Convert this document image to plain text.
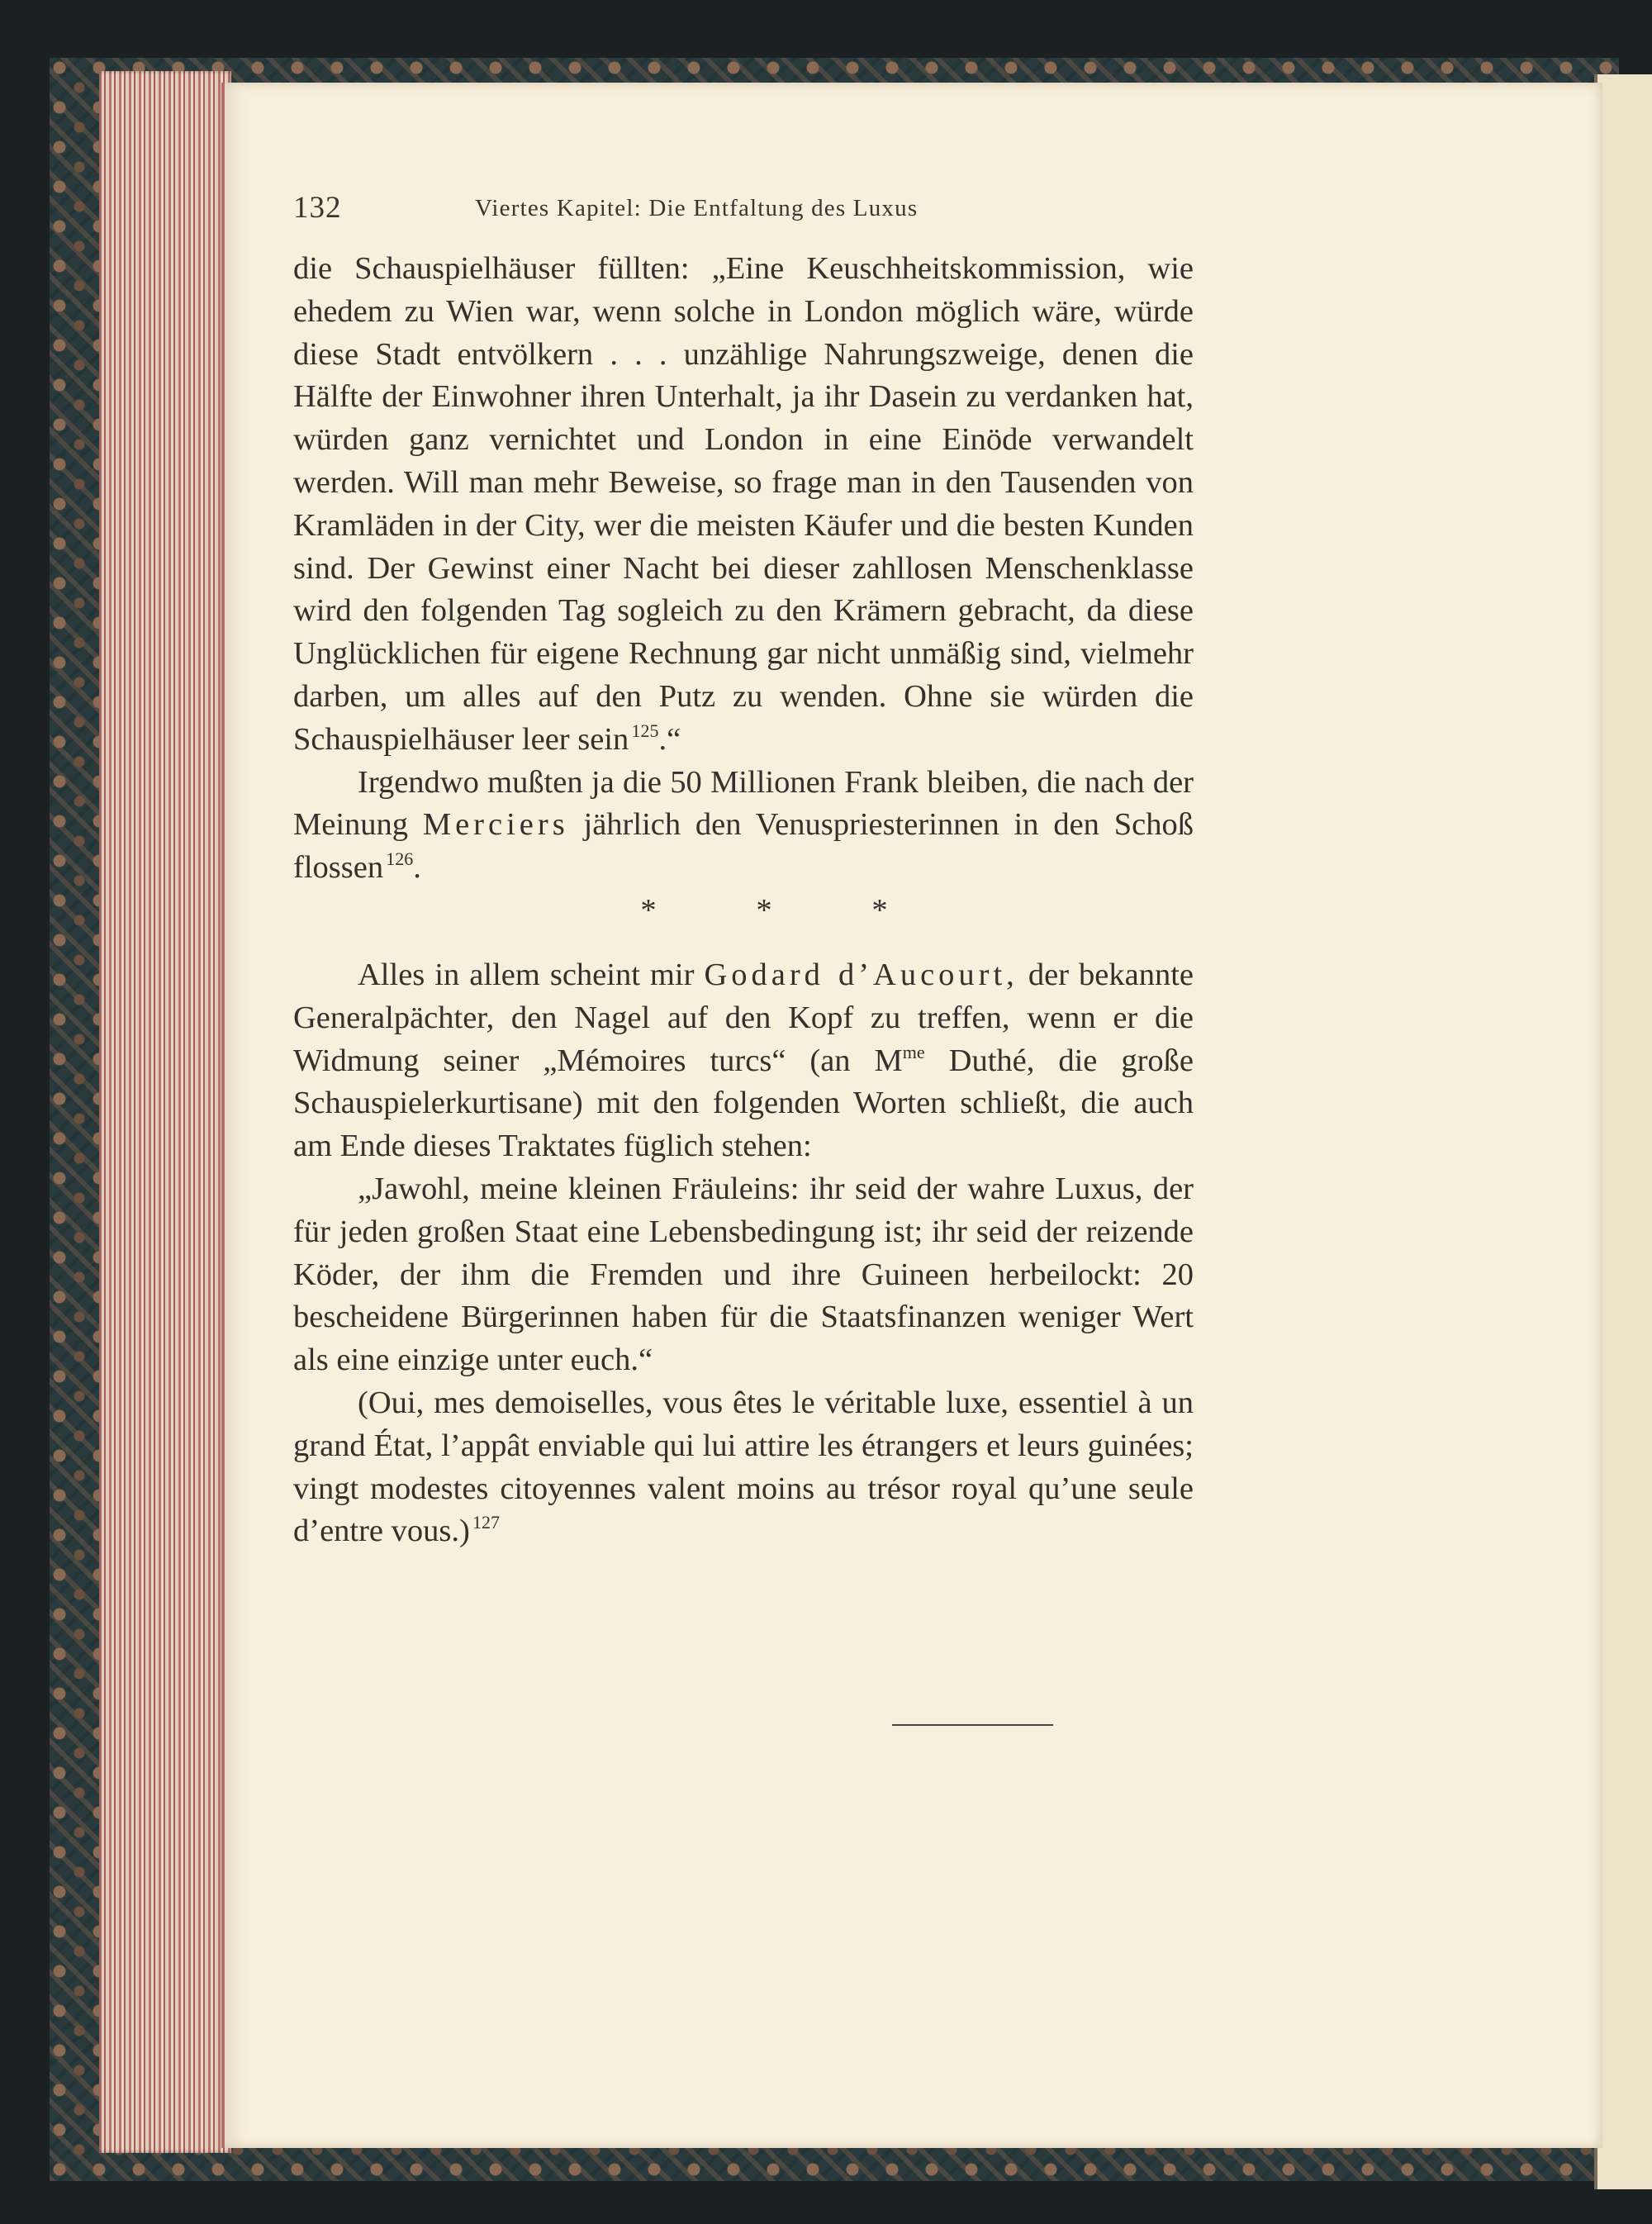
132	Viertes Kapitel: Die Entfaltung des Luxus

die Schauspielhäuser füllten: „Eine Keuschheitskommission, wie ehedem zu Wien war, wenn solche in London möglich wäre, würde diese Stadt entvölkern . . . unzählige Nahrungszweige, denen die Hälfte der Einwohner ihren Unterhalt, ja ihr Dasein zu verdanken hat, würden ganz vernichtet und London in eine Einöde verwandelt werden. Will man mehr Beweise, so frage man in den Tausenden von Kramläden in der City, wer die meisten Käufer und die besten Kunden sind. Der Gewinst einer Nacht bei dieser zahllosen Menschenklasse wird den folgenden Tag sogleich zu den Krämern gebracht, da diese Unglücklichen für eigene Rechnung gar nicht unmäßig sind, vielmehr darben, um alles auf den Putz zu wenden. Ohne sie würden die Schauspielhäuser leer sein  $^{125}$.“

Irgendwo mußten ja die 50 Millionen Frank bleiben, die nach der Meinung Merciers jährlich den Venuspriesterinnen in den Schoß flossen  $^{126}$.

*	*	*

Alles in allem scheint mir Godard d’Aucourt, der bekannte Generalpächter, den Nagel auf den Kopf zu treffen, wenn er die Widmung seiner „Mémoires turcs“ (an $M^{me}$ Duthé, die große Schauspielerkurtisane) mit den folgenden Worten schließt, die auch am Ende dieses Traktates füglich stehen:

„Jawohl, meine kleinen Fräuleins: ihr seid der wahre Luxus, der für jeden großen Staat eine Lebensbedingung ist; ihr seid der reizende Köder, der ihm die Fremden und ihre Guineen herbeilockt: 20 bescheidene Bürgerinnen haben für die Staatsfinanzen weniger Wert als eine einzige unter euch.“

(Oui, mes demoiselles, vous êtes le véritable luxe, essentiel à un grand État, l’appât enviable qui lui attire les étrangers et leurs guinées; vingt modestes citoyennes valent moins au trésor royal qu’une seule d’entre vous.)  $^{127}$
